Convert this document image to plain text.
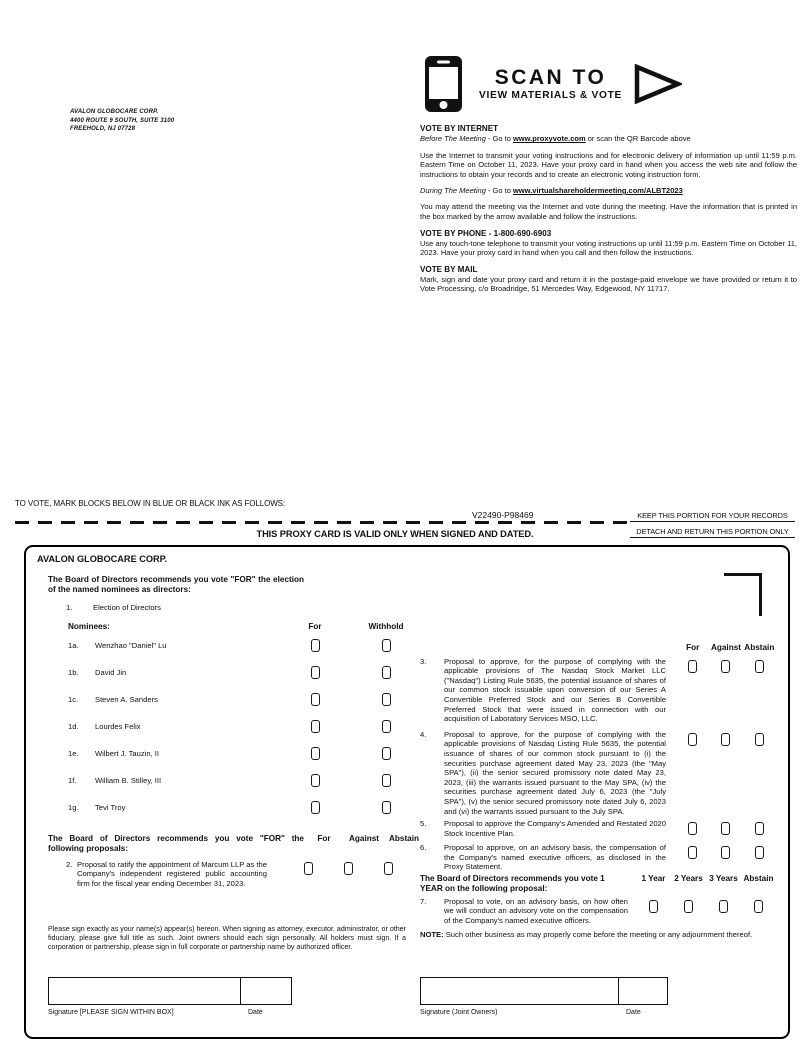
AVALON GLOBOCARE CORP.
4400 ROUTE 9 SOUTH, SUITE 3100
FREEHOLD, NJ 07728
SCAN TO
VIEW MATERIALS & VOTE
VOTE BY INTERNET
Before The Meeting - Go to www.proxyvote.com or scan the QR Barcode above
Use the Internet to transmit your voting instructions and for electronic delivery of information up until 11:59 p.m. Eastern Time on October 11, 2023. Have your proxy card in hand when you access the web site and follow the instructions to obtain your records and to create an electronic voting instruction form.
During The Meeting - Go to www.virtualshareholdermeeting.com/ALBT2023
You may attend the meeting via the Internet and vote during the meeting. Have the information that is printed in the box marked by the arrow available and follow the instructions.
VOTE BY PHONE - 1-800-690-6903
Use any touch-tone telephone to transmit your voting instructions up until 11:59 p.m. Eastern Time on October 11, 2023. Have your proxy card in hand when you call and then follow the instructions.
VOTE BY MAIL
Mark, sign and date your proxy card and return it in the postage-paid envelope we have provided or return it to Vote Processing, c/o Broadridge, 51 Mercedes Way, Edgewood, NY 11717.
TO VOTE, MARK BLOCKS BELOW IN BLUE OR BLACK INK AS FOLLOWS:
V22490-P98469	KEEP THIS PORTION FOR YOUR RECORDS
THIS PROXY CARD IS VALID ONLY WHEN SIGNED AND DATED.	DETACH AND RETURN THIS PORTION ONLY
AVALON GLOBOCARE CORP.
The Board of Directors recommends you vote "FOR" the election of the named nominees as directors:
1.	Election of Directors
Nominees:	For	Withhold
1a.	Wenzhao "Daniel" Lu
1b.	David Jin
1c.	Steven A. Sanders
1d.	Lourdes Felix
1e.	Wilbert J. Tauzin, II
1f.	William B. Stilley, III
1g.	Tevi Troy
The Board of Directors recommends you vote "FOR" the following proposals:
For	Against	Abstain
2. Proposal to ratify the appointment of Marcum LLP as the Company's independent registered public accounting firm for the fiscal year ending December 31, 2023.
Please sign exactly as your name(s) appear(s) hereon. When signing as attorney, executor, administrator, or other fiduciary, please give full title as such. Joint owners should each sign personally. All holders must sign. If a corporation or partnership, please sign in full corporate or partnership name by authorized officer.
Signature [PLEASE SIGN WITHIN BOX]	Date	Signature (Joint Owners)	Date
For	Against Abstain
3.	Proposal to approve, for the purpose of complying with the applicable provisions of The Nasdaq Stock Market LLC ("Nasdaq") Listing Rule 5635, the potential issuance of shares of our common stock issuable upon conversion of our Series A Convertible Preferred Stock and our Series B Convertible Preferred Stock that were issued in connection with our acquisition of Laboratory Services MSO, LLC.
4.	Proposal to approve, for the purpose of complying with the applicable provisions of Nasdaq Listing Rule 5635, the potential issuance of shares of our common stock pursuant to (i) the securities purchase agreement dated May 23, 2023 (the "May SPA"), (ii) the senior secured promissory note dated May 23, 2023, (iii) the warrants issued pursuant to the May SPA, (iv) the securities purchase agreement dated July 6, 2023 (the "July SPA"), (v) the senior secured promissory note dated July 6, 2023 and (vi) the warrants issued pursuant to the July SPA.
5.	Proposal to approve the Company's Amended and Restated 2020 Stock Incentive Plan.
6.	Proposal to approve, on an advisory basis, the compensation of the Company's named executive officers, as disclosed in the Proxy Statement.
The Board of Directors recommends you vote 1 YEAR on the following proposal:
1 Year	2 Years 3 Years Abstain
7.	Proposal to vote, on an advisory basis, on how often we will conduct an advisory vote on the compensation of the Company's named executive officers.
NOTE: Such other business as may properly come before the meeting or any adjournment thereof.
